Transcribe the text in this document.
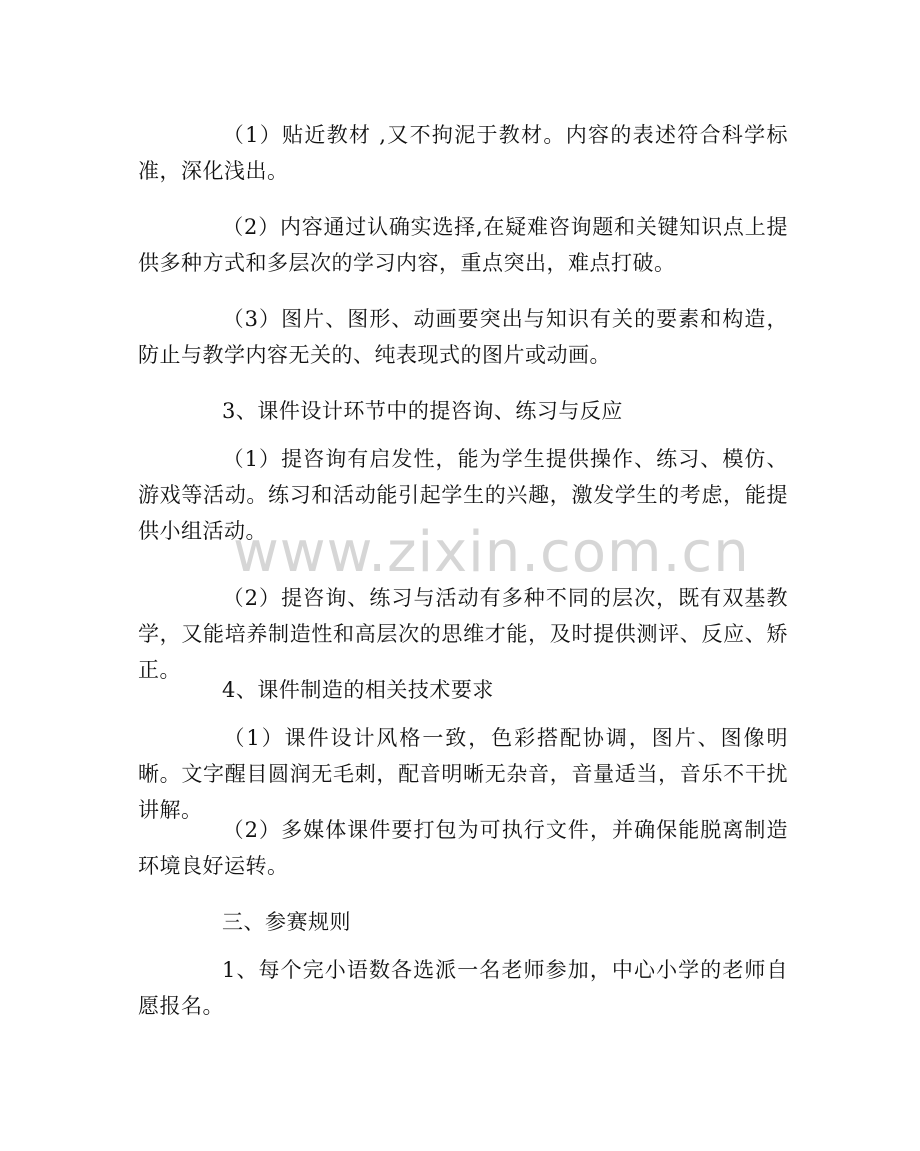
（1）贴近教材 ,又不拘泥于教材。内容的表述符合科学标准，深化浅出。

（2）内容通过认确实选择,在疑难咨询题和关键知识点上提供多种方式和多层次的学习内容，重点突出，难点打破。

（3）图片、图形、动画要突出与知识有关的要素和构造，防止与教学内容无关的、纯表现式的图片或动画。

3、课件设计环节中的提咨询、练习与反应

（1）提咨询有启发性，能为学生提供操作、练习、模仿、游戏等活动。练习和活动能引起学生的兴趣，激发学生的考虑，能提供小组活动。

（2）提咨询、练习与活动有多种不同的层次，既有双基教学，又能培养制造性和高层次的思维才能，及时提供测评、反应、矫正。

4、课件制造的相关技术要求

（1）课件设计风格一致，色彩搭配协调，图片、图像明晰。文字醒目圆润无毛刺，配音明晰无杂音，音量适当，音乐不干扰讲解。

（2）多媒体课件要打包为可执行文件，并确保能脱离制造环境良好运转。

三、参赛规则

1、每个完小语数各选派一名老师参加，中心小学的老师自愿报名。

www.zixin.com.cn
